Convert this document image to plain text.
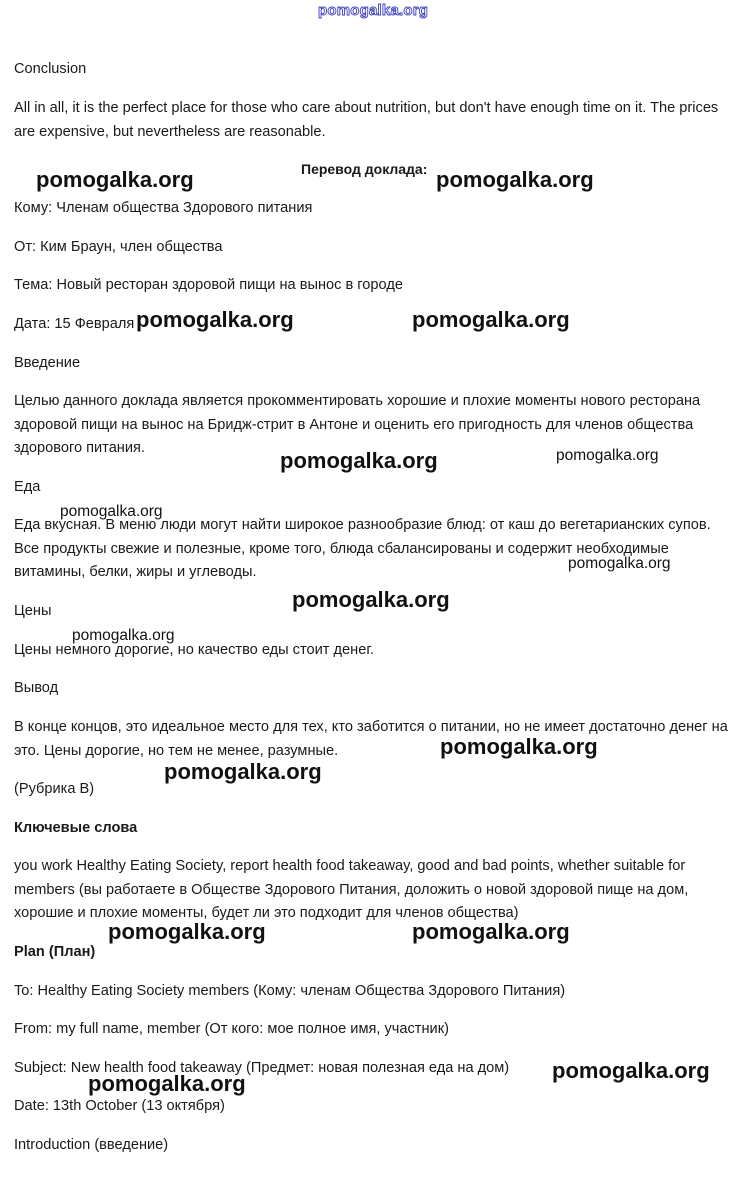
pomogalka.org

Conclusion

All in all, it is the perfect place for those who care about nutrition, but don't have enough time on it. The prices are expensive, but nevertheless are reasonable.

Перевод доклада:

Кому: Членам общества Здорового питания

От: Ким Браун, член общества

Тема: Новый ресторан здоровой пищи на вынос в городе

Дата: 15 Февраля

Введение

Целью данного доклада является прокомментировать хорошие и плохие моменты нового ресторана здоровой пищи на вынос на Бридж-стрит в Антоне и оценить его пригодность для членов общества здорового питания.

Еда

Еда вкусная. В меню люди могут найти широкое разнообразие блюд: от каш до вегетарианских супов. Все продукты свежие и полезные, кроме того, блюда сбалансированы и содержит необходимые витамины, белки, жиры и углеводы.

Цены

Цены немного дорогие, но качество еды стоит денег.

Вывод

В конце концов, это идеальное место для тех, кто заботится о питании, но не имеет достаточно денег на это. Цены дорогие, но тем не менее, разумные.

(Рубрика В)

Ключевые слова

you work Healthy Eating Society, report health food takeaway, good and bad points, whether suitable for members (вы работаете в Обществе Здорового Питания, доложить о новой здоровой пище на дом, хорошие и плохие моменты, будет ли это подходит для членов общества)

Plan (План)

To: Healthy Eating Society members (Кому: членам Общества Здорового Питания)

From: my full name, member (От кого: мое полное имя, участник)

Subject: New health food takeaway (Предмет: новая полезная еда на дом)

Date: 13th October (13 октября)

Introduction (введение)

pomogalka.org	pomogalka.org
pomogalka.org	pomogalka.org
pomogalka.org	pomogalka.org
pomogalka.org
pomogalka.org
pomogalka.org
pomogalka.org
pomogalka.org
pomogalka.org
pomogalka.org	pomogalka.org
pomogalka.org
pomogalka.org
